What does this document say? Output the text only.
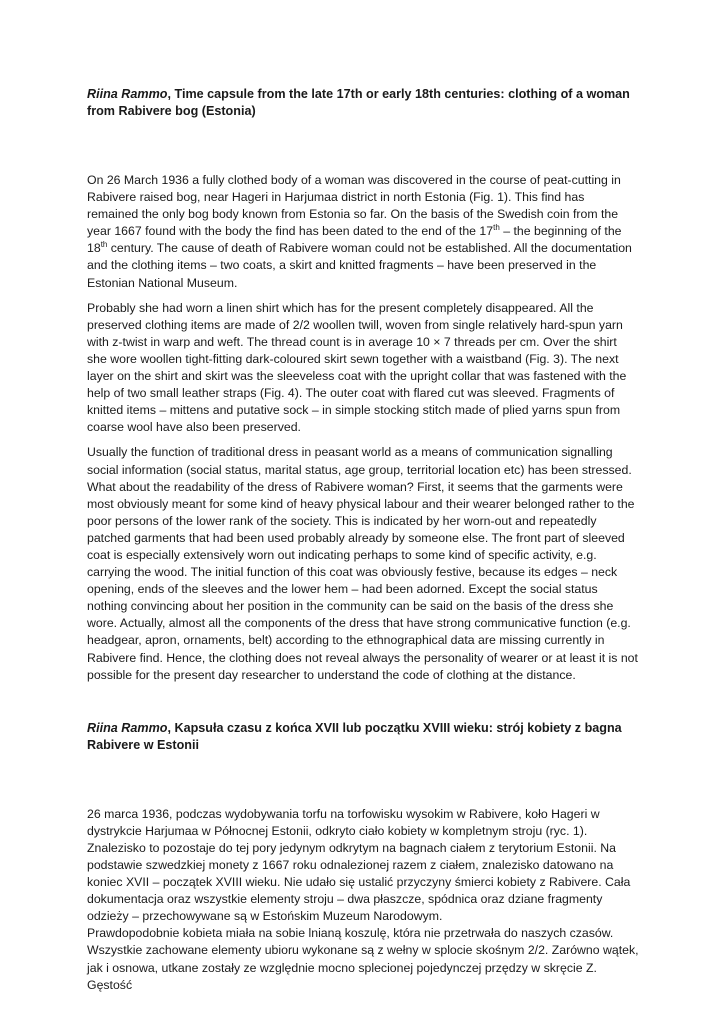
Riina Rammo, Time capsule from the late 17th or early 18th centuries: clothing of a woman from Rabivere bog (Estonia)

On 26 March 1936 a fully clothed body of a woman was discovered in the course of peat-cutting in Rabivere raised bog, near Hageri in Harjumaa district in north Estonia (Fig. 1). This find has remained the only bog body known from Estonia so far. On the basis of the Swedish coin from the year 1667 found with the body the find has been dated to the end of the 17th – the beginning of the 18th century. The cause of death of Rabivere woman could not be established. All the documentation and the clothing items – two coats, a skirt and knitted fragments – have been preserved in the Estonian National Museum.

Probably she had worn a linen shirt which has for the present completely disappeared. All the preserved clothing items are made of 2/2 woollen twill, woven from single relatively hard-spun yarn with z-twist in warp and weft. The thread count is in average 10 × 7 threads per cm. Over the shirt she wore woollen tight-fitting dark-coloured skirt sewn together with a waistband (Fig. 3). The next layer on the shirt and skirt was the sleeveless coat with the upright collar that was fastened with the help of two small leather straps (Fig. 4). The outer coat with flared cut was sleeved. Fragments of knitted items – mittens and putative sock – in simple stocking stitch made of plied yarns spun from coarse wool have also been preserved.

Usually the function of traditional dress in peasant world as a means of communication signalling social information (social status, marital status, age group, territorial location etc) has been stressed. What about the readability of the dress of Rabivere woman? First, it seems that the garments were most obviously meant for some kind of heavy physical labour and their wearer belonged rather to the poor persons of the lower rank of the society. This is indicated by her worn-out and repeatedly patched garments that had been used probably already by someone else. The front part of sleeved coat is especially extensively worn out indicating perhaps to some kind of specific activity, e.g. carrying the wood. The initial function of this coat was obviously festive, because its edges – neck opening, ends of the sleeves and the lower hem – had been adorned. Except the social status nothing convincing about her position in the community can be said on the basis of the dress she wore. Actually, almost all the components of the dress that have strong communicative function (e.g. headgear, apron, ornaments, belt) according to the ethnographical data are missing currently in Rabivere find. Hence, the clothing does not reveal always the personality of wearer or at least it is not possible for the present day researcher to understand the code of clothing at the distance.

Riina Rammo, Kapsuła czasu z końca XVII lub początku XVIII wieku: strój kobiety z bagna Rabivere w Estonii

26 marca 1936, podczas wydobywania torfu na torfowisku wysokim w Rabivere, koło Hageri w dystrykcie Harjumaa w Północnej Estonii, odkryto ciało kobiety w kompletnym stroju (ryc. 1). Znalezisko to pozostaje do tej pory jedynym odkrytym na bagnach ciałem z terytorium Estonii. Na podstawie szwedzkiej monety z 1667 roku odnalezionej razem z ciałem, znalezisko datowano na koniec XVII – początek XVIII wieku. Nie udało się ustalić przyczyny śmierci kobiety z Rabivere. Cała dokumentacja oraz wszystkie elementy stroju – dwa płaszcze, spódnica oraz dziane fragmenty odzieży – przechowywane są w Estońskim Muzeum Narodowym.

Prawdopodobnie kobieta miała na sobie lnianą koszulę, która nie przetrwała do naszych czasów. Wszystkie zachowane elementy ubioru wykonane są z wełny w splocie skośnym 2/2. Zarówno wątek, jak i osnowa, utkane zostały ze względnie mocno splecionej pojedynczej przędzy w skręcie Z. Gęstość
